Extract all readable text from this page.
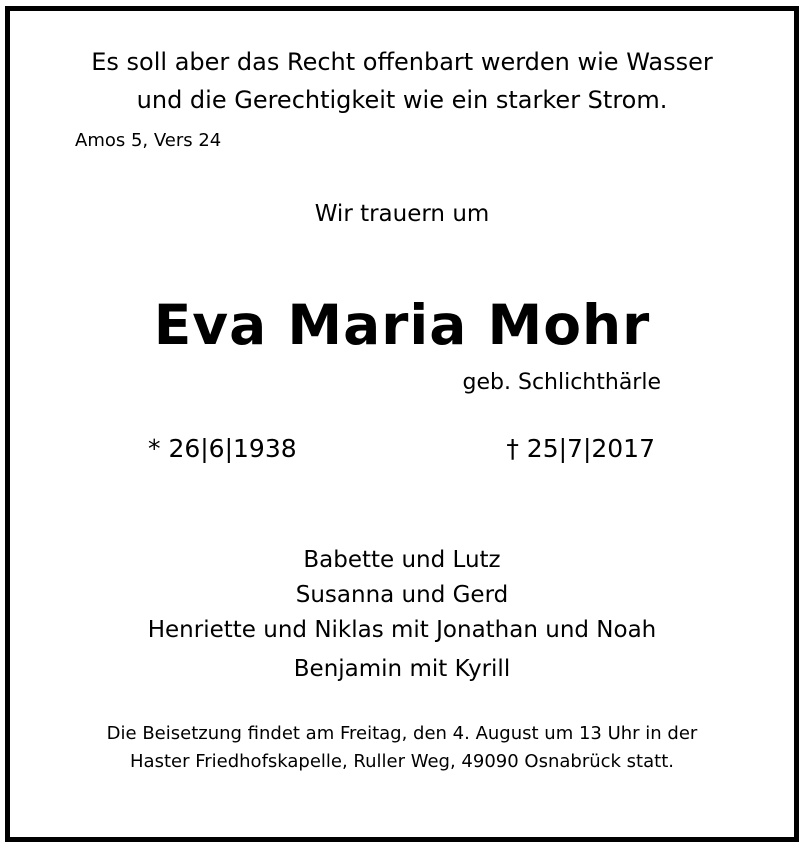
Es soll aber das Recht offenbart werden wie Wasser
und die Gerechtigkeit wie ein starker Strom.
Amos 5, Vers 24
Wir trauern um
Eva Maria Mohr
geb. Schlichthärle
* 26|6|1938	† 25|7|2017
Babette und Lutz
Susanna und Gerd
Henriette und Niklas mit Jonathan und Noah
Benjamin mit Kyrill
Die Beisetzung findet am Freitag, den 4. August um 13 Uhr in der
Haster Friedhofskapelle, Ruller Weg, 49090 Osnabrück statt.
